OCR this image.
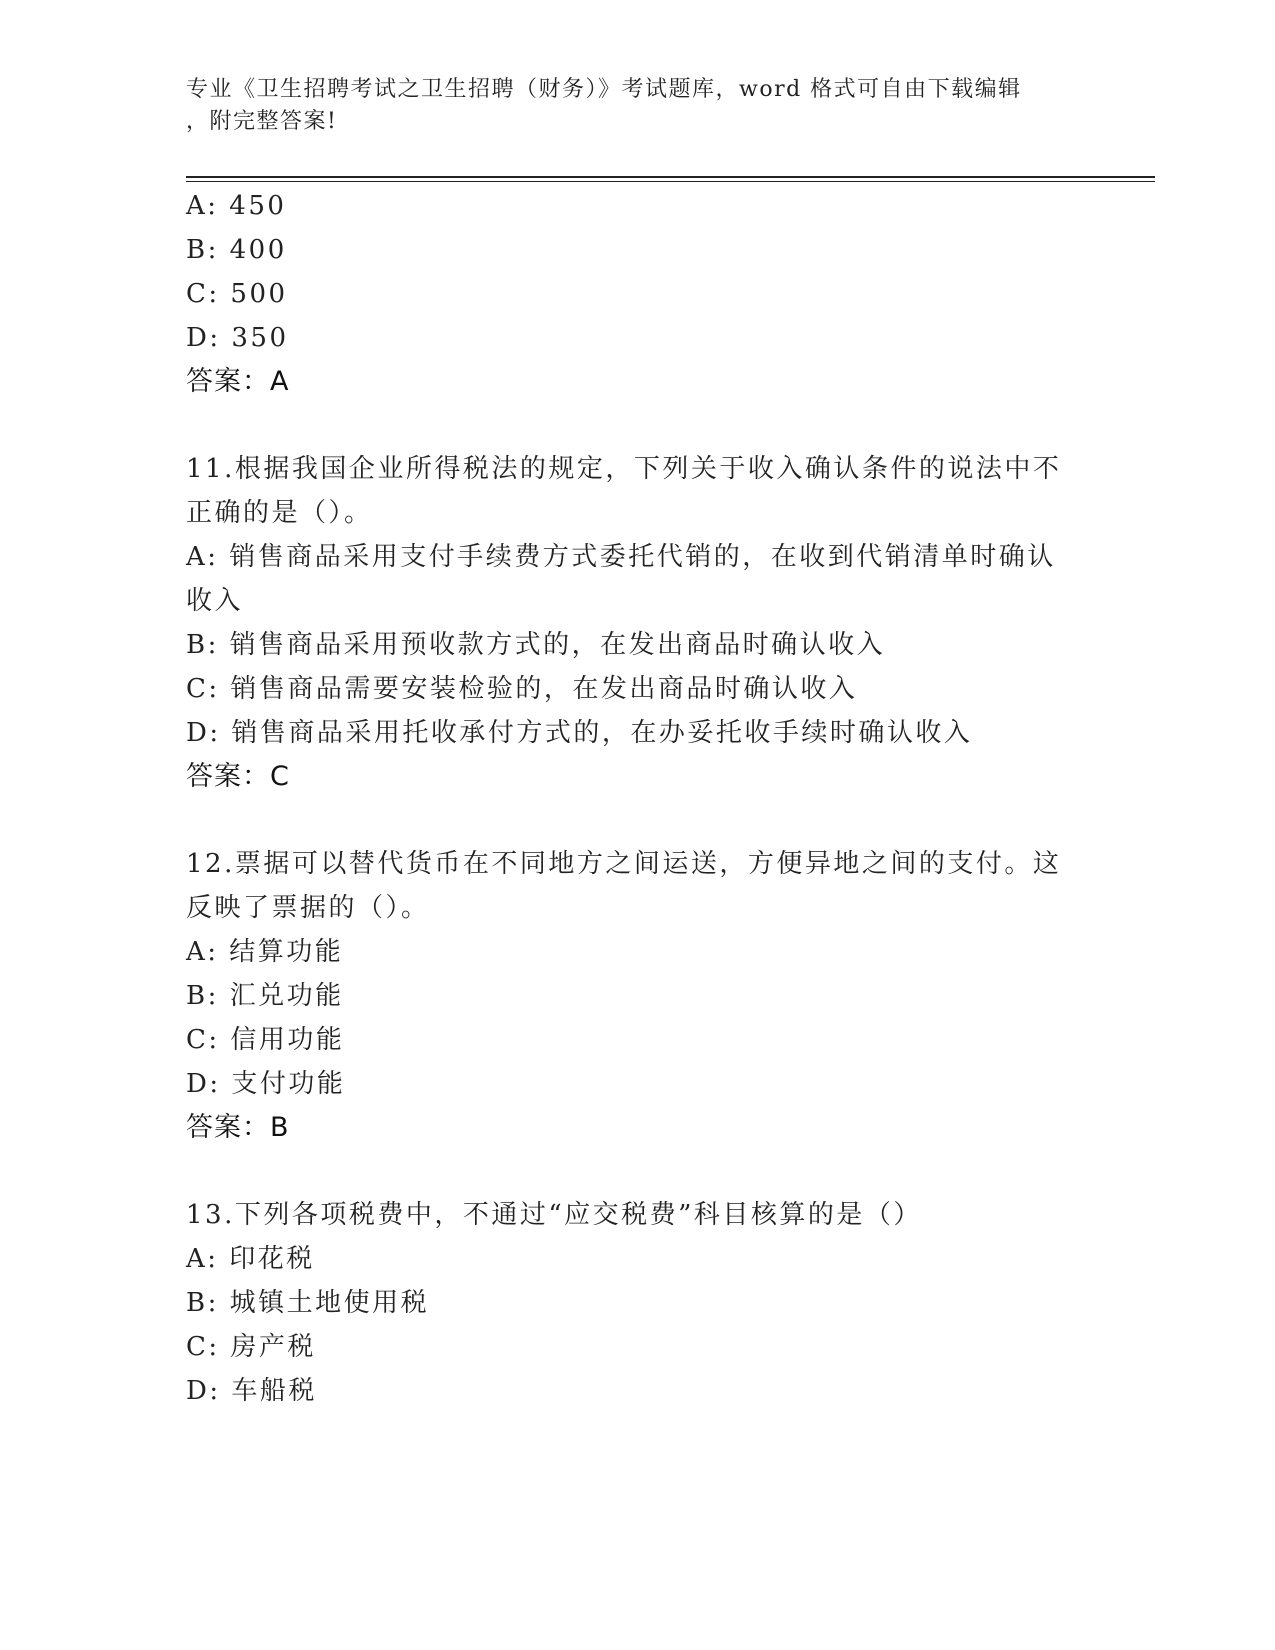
专业《卫生招聘考试之卫生招聘（财务）》考试题库，word 格式可自由下载编辑
，附完整答案!
A: 450
B: 400
C: 500
D: 350
答案：A
11.根据我国企业所得税法的规定，下列关于收入确认条件的说法中不
正确的是（）。
A: 销售商品采用支付手续费方式委托代销的，在收到代销清单时确认
收入
B: 销售商品采用预收款方式的，在发出商品时确认收入
C: 销售商品需要安装检验的，在发出商品时确认收入
D: 销售商品采用托收承付方式的，在办妥托收手续时确认收入
答案：C
12.票据可以替代货币在不同地方之间运送，方便异地之间的支付。这
反映了票据的（）。
A: 结算功能
B: 汇兑功能
C: 信用功能
D: 支付功能
答案：B
13.下列各项税费中，不通过“应交税费”科目核算的是（）
A: 印花税
B: 城镇土地使用税
C: 房产税
D: 车船税
